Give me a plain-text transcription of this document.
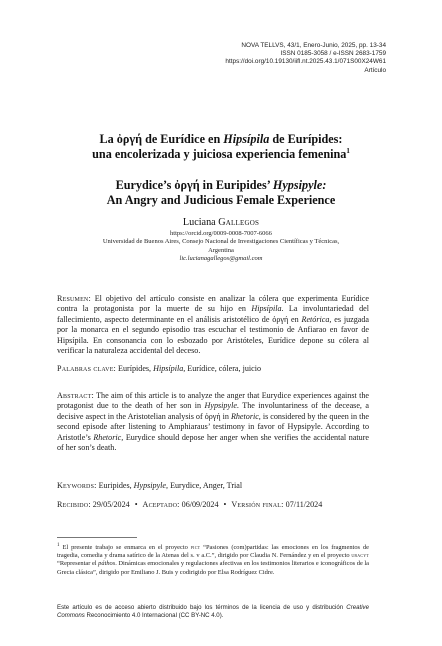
NOVA TELLVS, 43/1, Enero-Junio, 2025, pp. 13-34
ISSN 0185-3058 / e-ISSN 2683-1759
https://doi.org/10.19130/iifl.nt.2025.43.1/071S00X24W61
Artículo
La ὀργή de Eurídice en Hipsípila de Eurípides:
una encolerizada y juiciosa experiencia femenina$^1$
Eurydice’s ὀργή in Euripides’ Hypsipyle:
An Angry and Judicious Female Experience
Luciana Gallegos
https://orcid.org/0009-0008-7007-6066
Universidad de Buenos Aires, Consejo Nacional de Investigaciones Científicas y Técnicas,
Argentina
lic.lucianagallegos@gmail.com
Resumen: El objetivo del artículo consiste en analizar la cólera que experimenta Eurídice contra la protagonista por la muerte de su hijo en Hipsípila. La involuntariedad del fallecimiento, aspecto determinante en el análisis aristotélico de ὀργή en Retórica, es juzgada por la monarca en el segundo episodio tras escuchar el testimonio de Anfiarao en favor de Hipsípila. En consonancia con lo esbozado por Aristóteles, Eurídice depone su cólera al verificar la naturaleza accidental del deceso.
Palabras clave: Eurípides, Hipsípila, Eurídice, cólera, juicio
Abstract: The aim of this article is to analyze the anger that Eurydice experiences against the protagonist due to the death of her son in Hypsipyle. The involuntariness of the decease, a decisive aspect in the Aristotelian analysis of ὀργή in Rhetoric, is considered by the queen in the second episode after listening to Amphiaraus’ testimony in favor of Hypsipyle. According to Aristotle’s Rhetoric, Eurydice should depose her anger when she verifies the accidental nature of her son’s death.
Keywords: Euripides, Hypsipyle, Eurydice, Anger, Trial
Recibido: 29/05/2024 • Aceptado: 06/09/2024 • Versión final: 07/11/2024
$^1$ El presente trabajo se enmarca en el proyecto pict “Pasiones (com)partidas: las emociones en los fragmentos de tragedia, comedia y drama satírico de la Atenas del s. v a.C.”, dirigido por Claudia N. Fernández y en el proyecto ubacyt “Representar el páthos. Dinámicas emocionales y regulaciones afectivas en los testimonios literarios e iconográficos de la Grecia clásica”, dirigido por Emiliano J. Buis y codirigido por Elsa Rodríguez Cidre.
Este artículo es de acceso abierto distribuido bajo los términos de la licencia de uso y distribución Creative Commons Reconocimiento 4.0 Internacional (CC BY-NC 4.0).
